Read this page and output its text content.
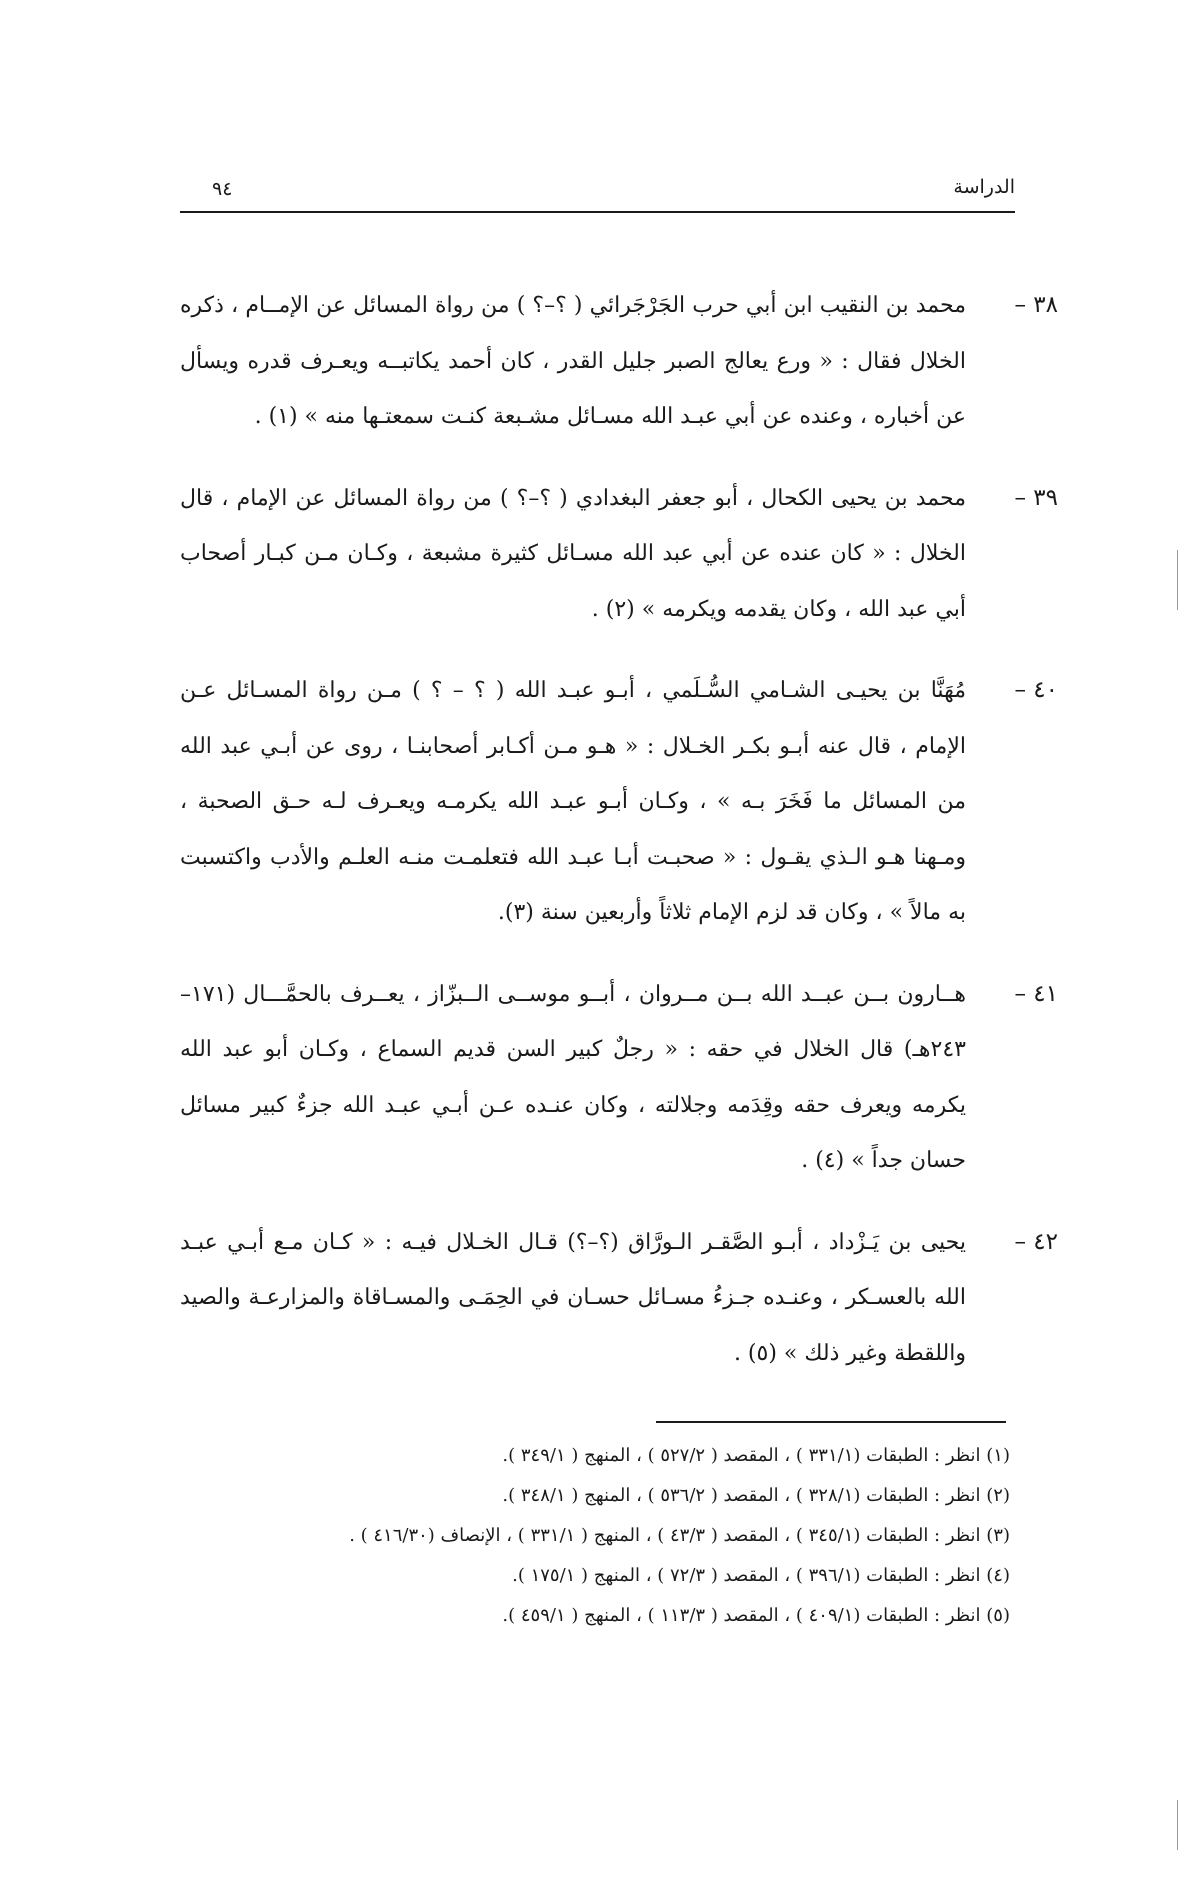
الدراسة
٩٤
٣٨ –
محمد بن النقيب ابن أبي حرب الجَرْجَرائي ( ؟–؟ ) من رواة المسائل عن الإمــام ، ذكره الخلال فقال : « ورع يعالج الصبر جليل القدر ، كان أحمد يكاتبــه ويعـرف قدره ويسأل عن أخباره ، وعنده عن أبي عبـد الله مسـائل مشـبعة كنـت سمعتـها منه » (١) .
٣٩ –
محمد بن يحيى الكحال ، أبو جعفر البغدادي ( ؟–؟ ) من رواة المسائل عن الإمام ، قال الخلال : « كان عنده عن أبي عبد الله مسـائل كثيرة مشبعة ، وكـان مـن كبـار أصحاب أبي عبد الله ، وكان يقدمه ويكرمه » (٢) .
٤٠ –
مُهَنَّا بن يحيـى الشـامي السُّـلَمي ، أبـو عبـد الله ( ؟ – ؟ ) مـن رواة المسـائل عـن الإمام ، قال عنه أبـو بكـر الخـلال : « هـو مـن أكـابر أصحابنـا ، روى عن أبـي عبد الله من المسائل ما فَخَرَ بـه » ، وكـان أبـو عبـد الله يكرمـه ويعـرف لـه حـق الصحبة ، ومـهنا هـو الـذي يقـول : « صحبـت أبـا عبـد الله فتعلمـت منـه العلـم والأدب واكتسبت به مالاً » ، وكان قد لزم الإمام ثلاثاً وأربعين سنة (٣).
٤١ –
هــارون بــن عبــد الله بــن مــروان ، أبــو موســى الــبزّاز ، يعــرف بالحمَّـــال (١٧١–٢٤٣هـ) قال الخلال في حقه : « رجلٌ كبير السن قديم السماع ، وكـان أبو عبد الله يكرمه ويعرف حقه وقِدَمه وجلالته ، وكان عنـده عـن أبـي عبـد الله جزءٌ كبير مسائل حسان جداً » (٤) .
٤٢ –
يحيى بن يَـزْداد ، أبـو الصَّقـر الـورَّاق (؟–؟) قـال الخـلال فيـه : « كـان مـع أبـي عبـد الله بالعسـكر ، وعنـده جـزءُ مسـائل حسـان في الحِمَـى والمسـاقاة والمزارعـة والصيد واللقطة وغير ذلك » (٥) .
(١) انظر : الطبقات (٣٣١/١ ) ، المقصد ( ٥٢٧/٢ ) ، المنهج ( ٣٤٩/١ ).
(٢) انظر : الطبقات (٣٢٨/١ ) ، المقصد ( ٥٣٦/٢ ) ، المنهج ( ٣٤٨/١ ).
(٣) انظر : الطبقات (٣٤٥/١ ) ، المقصد ( ٤٣/٣ ) ، المنهج ( ٣٣١/١ ) ، الإنصاف (٤١٦/٣٠ ) .
(٤) انظر : الطبقات (٣٩٦/١ ) ، المقصد ( ٧٢/٣ ) ، المنهج ( ١٧٥/١ ).
(٥) انظر : الطبقات (٤٠٩/١ ) ، المقصد ( ١١٣/٣ ) ، المنهج ( ٤٥٩/١ ).
